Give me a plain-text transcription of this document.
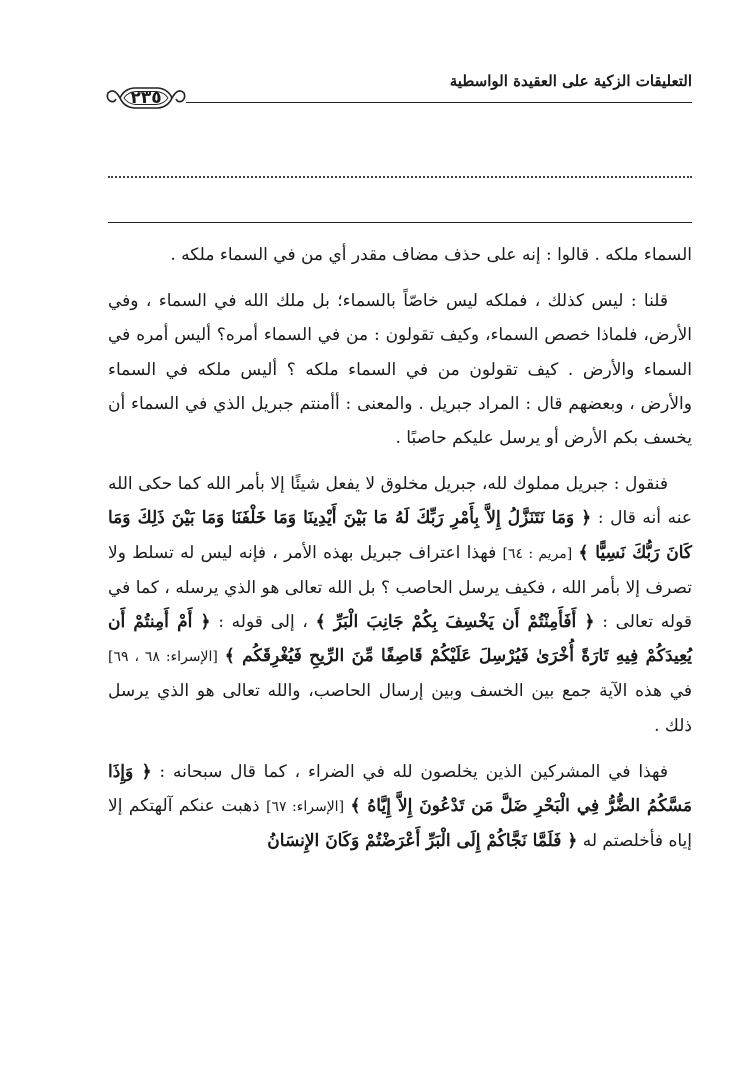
التعليقات الزكية على العقيدة الواسطية
٢٣٥

السماء ملكه . قالوا : إنه على حذف مضاف مقدر أي من في السماء ملكه .

قلنا : ليس كذلك ، فملكه ليس خاصّاً بالسماء؛ بل ملك الله في السماء ، وفي الأرض، فلماذا خصص السماء، وكيف تقولون : من في السماء أمره؟ أليس أمره في السماء والأرض . كيف تقولون من في السماء ملكه ؟ أليس ملكه في السماء والأرض ، وبعضهم قال : المراد جبريل . والمعنى : أأمنتم جبريل الذي في السماء أن يخسف بكم الأرض أو يرسل عليكم حاصبًا .

فنقول : جبريل مملوك لله، جبريل مخلوق لا يفعل شيئًا إلا بأمر الله كما حكى الله عنه أنه قال : ﴿ وَمَا نَتَنَزَّلُ إِلاَّ بِأَمْرِ رَبِّكَ لَهُ مَا بَيْنَ أَيْدِينَا وَمَا خَلْفَنَا وَمَا بَيْنَ ذَلِكَ وَمَا كَانَ رَبُّكَ نَسِيًّا ﴾ [مريم : ٦٤] فهذا اعتراف جبريل بهذه الأمر ، فإنه ليس له تسلط ولا تصرف إلا بأمر الله ، فكيف يرسل الحاصب ؟ بل الله تعالى هو الذي يرسله ، كما في قوله تعالى : ﴿ أَفَأَمِنْتُمْ أَن يَخْسِفَ بِكُمْ جَانِبَ الْبَرِّ ﴾ ، إلى قوله : ﴿ أَمْ أَمِنتُمْ أَن يُعِيدَكُمْ فِيهِ تَارَةً أُخْرَىٰ فَيُرْسِلَ عَلَيْكُمْ قَاصِفًا مِّنَ الرِّيحِ فَيُغْرِقَكُم ﴾ [الإسراء: ٦٨ ، ٦٩] في هذه الآية جمع بين الخسف وبين إرسال الحاصب، والله تعالى هو الذي يرسل ذلك .

فهذا في المشركين الذين يخلصون لله في الضراء ، كما قال سبحانه : ﴿ وَإِذَا مَسَّكُمُ الضُّرُّ فِي الْبَحْرِ ضَلَّ مَن تَدْعُونَ إِلاَّ إِيَّاهُ ﴾ [الإسراء: ٦٧] ذهبت عنكم آلهتكم إلا إياه فأخلصتم له ﴿ فَلَمَّا نَجَّاكُمْ إِلَى الْبَرِّ أَعْرَضْتُمْ وَكَانَ الإِنسَانُ
